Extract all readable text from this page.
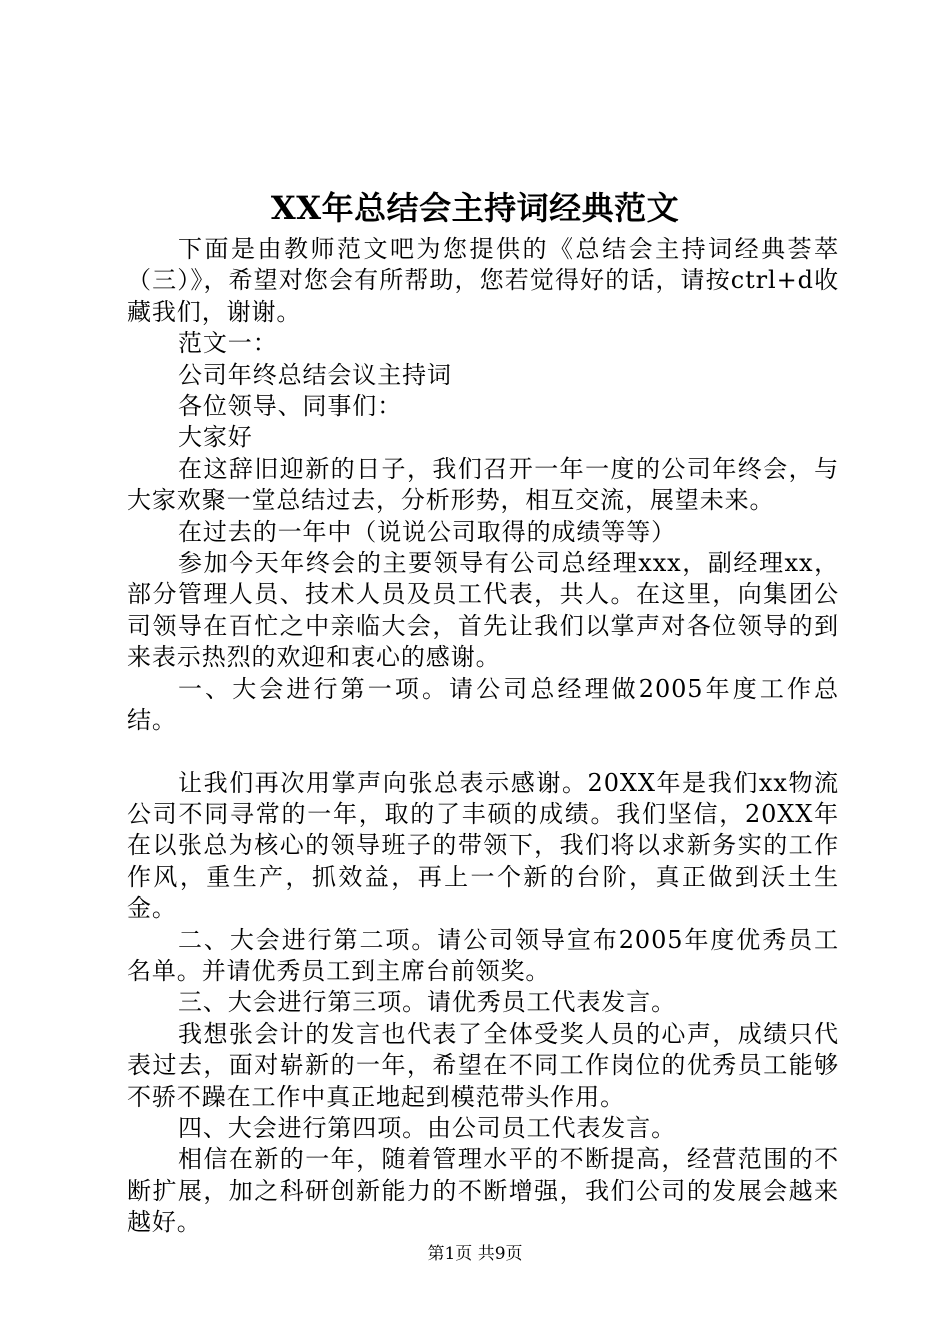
XX年总结会主持词经典范文

下面是由教师范文吧为您提供的《总结会主持词经典荟萃（三）》，希望对您会有所帮助，您若觉得好的话，请按ctrl+d收藏我们，谢谢。

范文一：

公司年终总结会议主持词

各位领导、同事们：

大家好

在这辞旧迎新的日子，我们召开一年一度的公司年终会，与大家欢聚一堂总结过去，分析形势，相互交流，展望未来。

在过去的一年中（说说公司取得的成绩等等）

参加今天年终会的主要领导有公司总经理xxx，副经理xx，部分管理人员、技术人员及员工代表，共人。在这里，向集团公司领导在百忙之中亲临大会，首先让我们以掌声对各位领导的到来表示热烈的欢迎和衷心的感谢。

一、大会进行第一项。请公司总经理做2005年度工作总结。

让我们再次用掌声向张总表示感谢。20XX年是我们xx物流公司不同寻常的一年，取的了丰硕的成绩。我们坚信，20XX年在以张总为核心的领导班子的带领下，我们将以求新务实的工作作风，重生产，抓效益，再上一个新的台阶，真正做到沃土生金。

二、大会进行第二项。请公司领导宣布2005年度优秀员工名单。并请优秀员工到主席台前领奖。

三、大会进行第三项。请优秀员工代表发言。

我想张会计的发言也代表了全体受奖人员的心声，成绩只代表过去，面对崭新的一年，希望在不同工作岗位的优秀员工能够不骄不躁在工作中真正地起到模范带头作用。

四、大会进行第四项。由公司员工代表发言。

相信在新的一年，随着管理水平的不断提高，经营范围的不断扩展，加之科研创新能力的不断增强，我们公司的发展会越来越好。

第1页 共9页
